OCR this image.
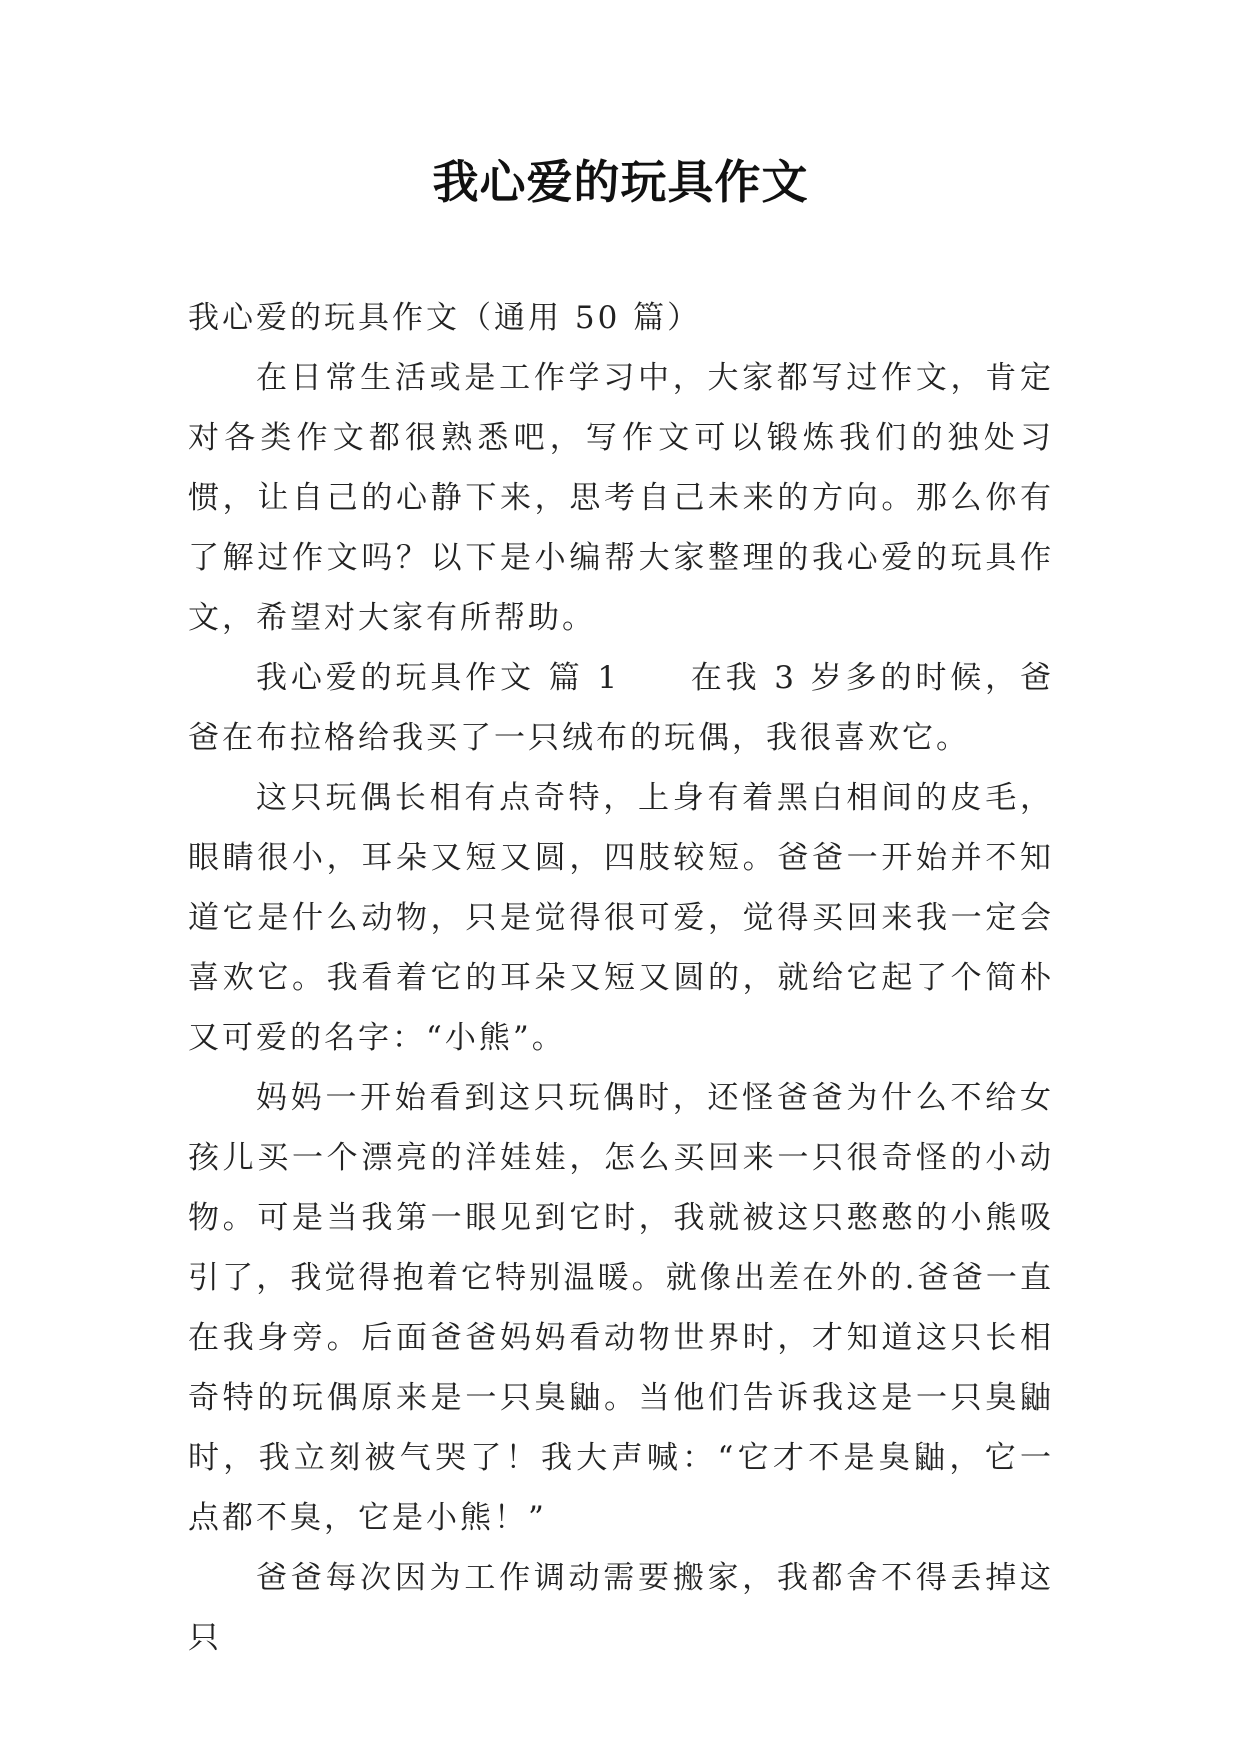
我心爱的玩具作文

我心爱的玩具作文（通用 50 篇）

在日常生活或是工作学习中，大家都写过作文，肯定对各类作文都很熟悉吧，写作文可以锻炼我们的独处习惯，让自己的心静下来，思考自己未来的方向。那么你有了解过作文吗？以下是小编帮大家整理的我心爱的玩具作文，希望对大家有所帮助。

我心爱的玩具作文 篇 1　　在我 3 岁多的时候，爸爸在布拉格给我买了一只绒布的玩偶，我很喜欢它。

这只玩偶长相有点奇特，上身有着黑白相间的皮毛，眼睛很小，耳朵又短又圆，四肢较短。爸爸一开始并不知道它是什么动物，只是觉得很可爱，觉得买回来我一定会喜欢它。我看着它的耳朵又短又圆的，就给它起了个简朴又可爱的名字：“小熊”。

妈妈一开始看到这只玩偶时，还怪爸爸为什么不给女孩儿买一个漂亮的洋娃娃，怎么买回来一只很奇怪的小动物。可是当我第一眼见到它时，我就被这只憨憨的小熊吸引了，我觉得抱着它特别温暖。就像出差在外的.爸爸一直在我身旁。后面爸爸妈妈看动物世界时，才知道这只长相奇特的玩偶原来是一只臭鼬。当他们告诉我这是一只臭鼬时，我立刻被气哭了！我大声喊：“它才不是臭鼬，它一点都不臭，它是小熊！”

爸爸每次因为工作调动需要搬家，我都舍不得丢掉这只
